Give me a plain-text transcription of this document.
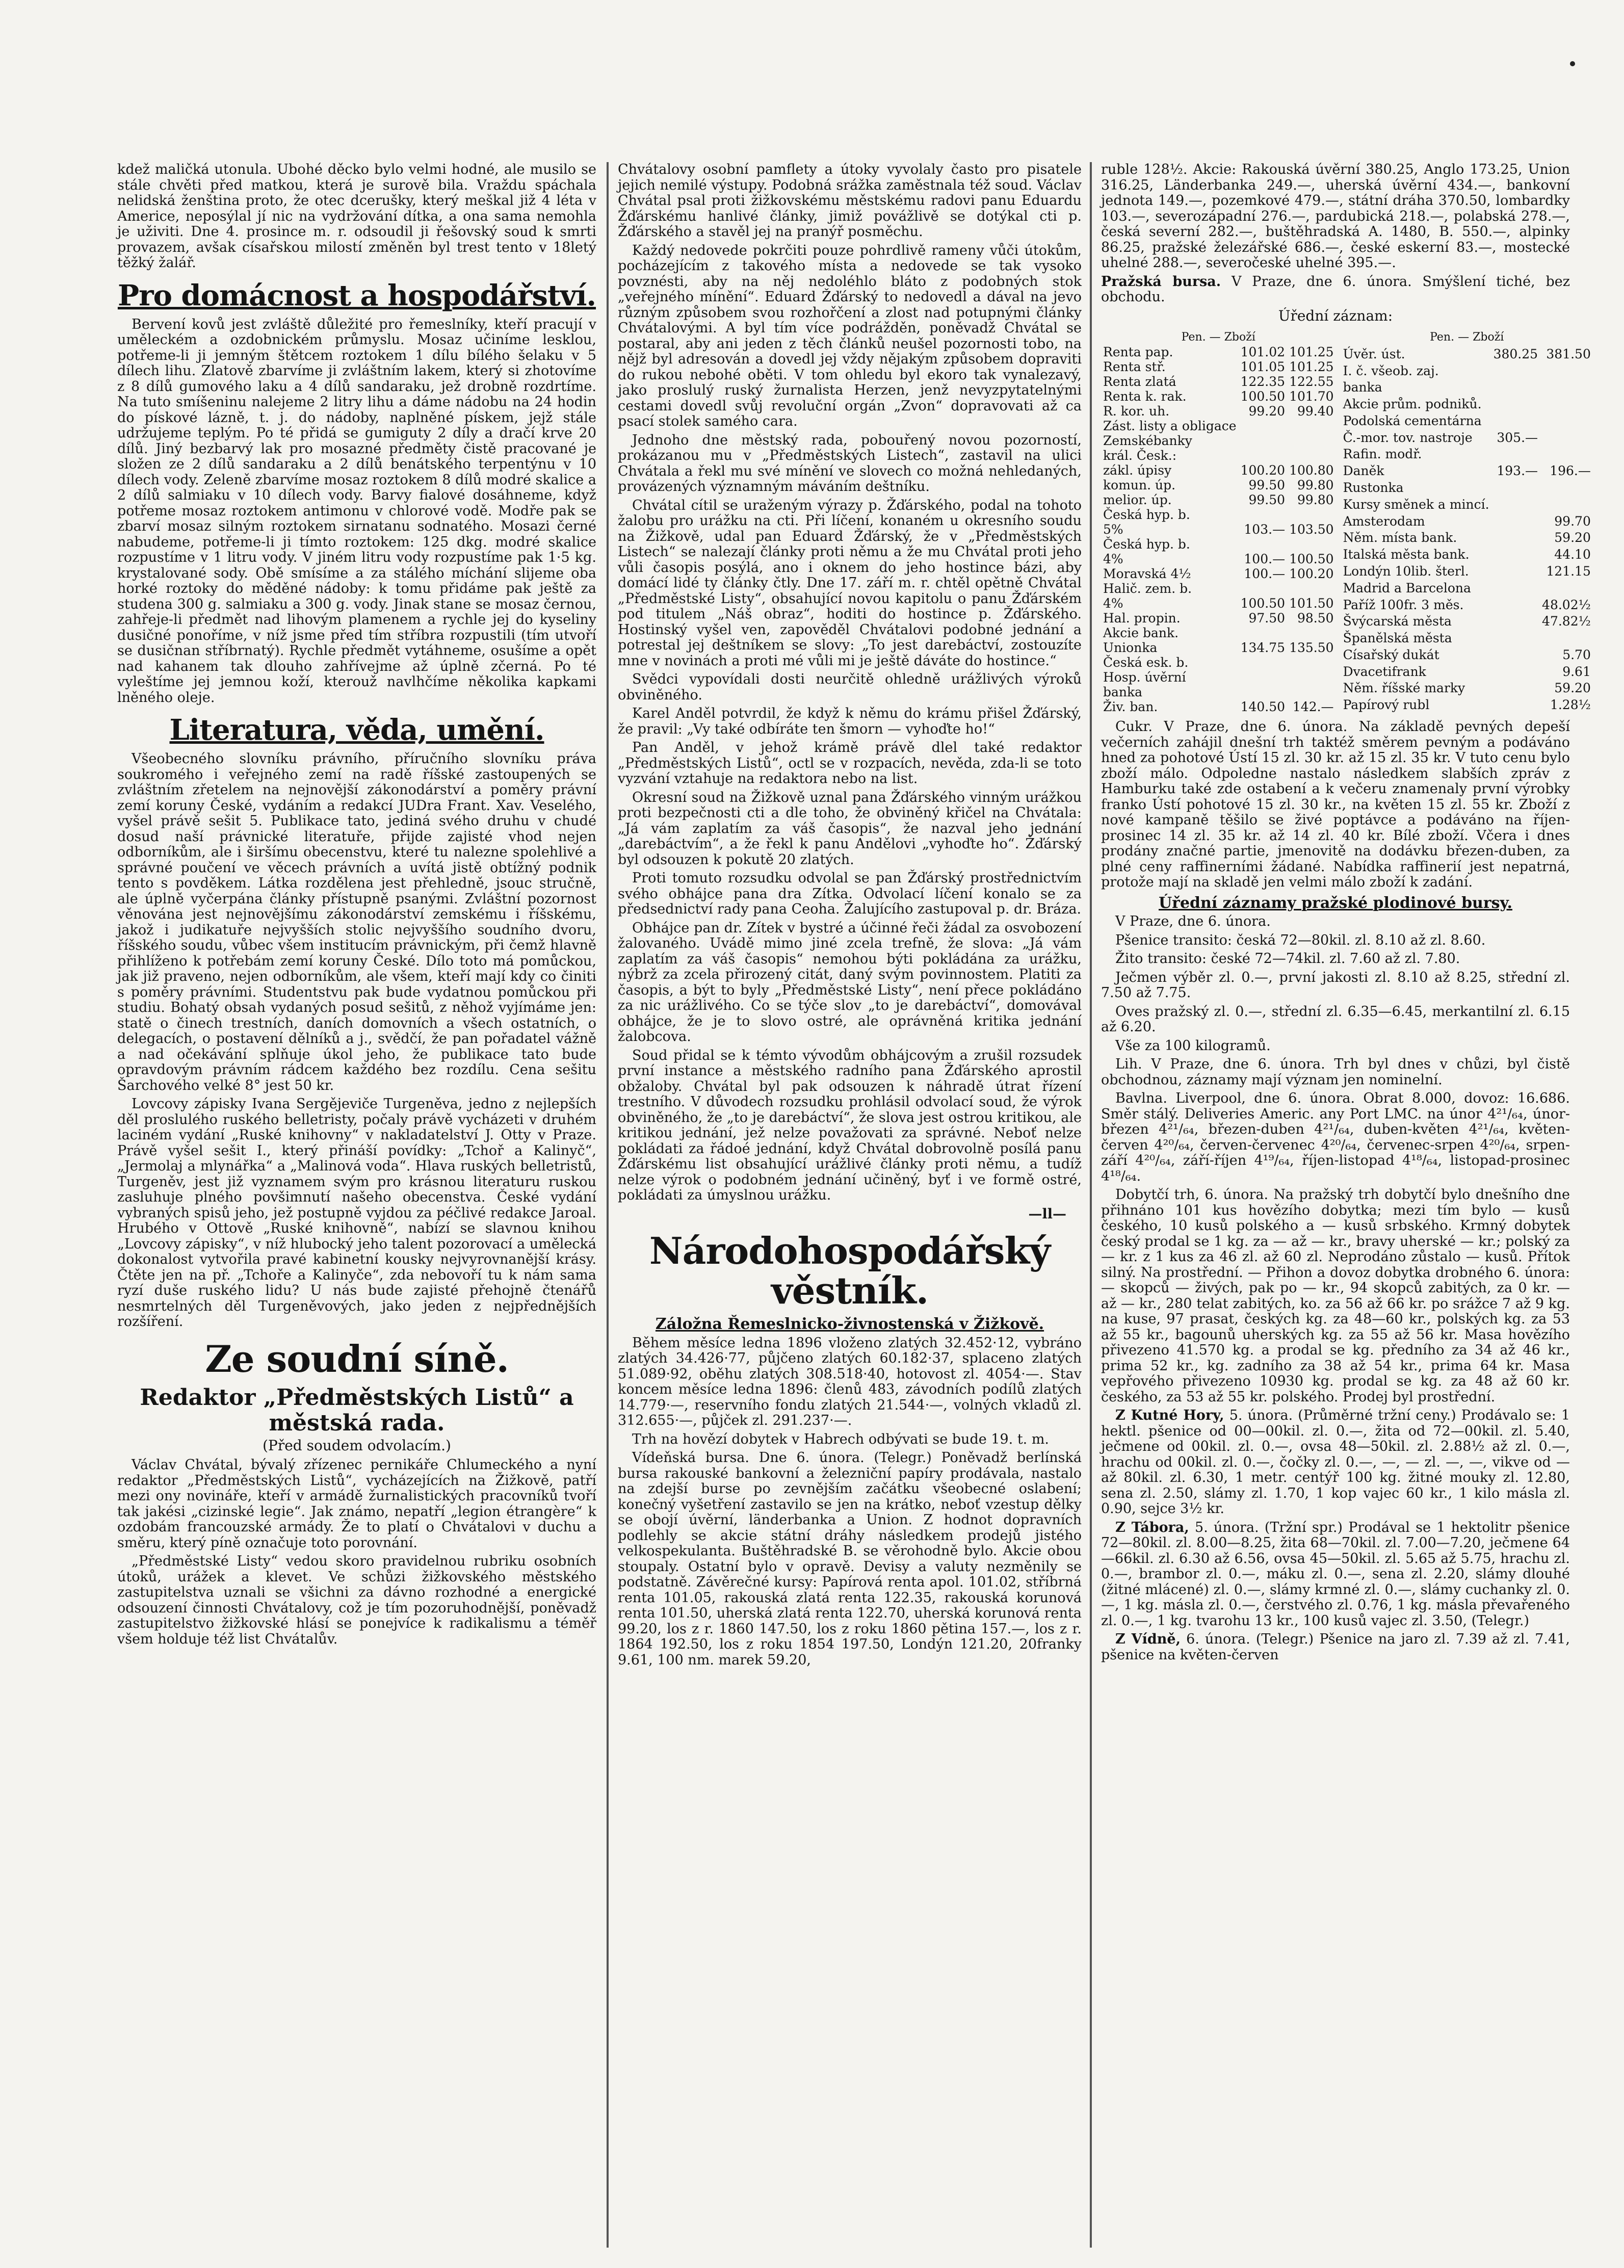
kdež maličká utonula. Ubohé děcko bylo velmi hodné, ale musilo se stále chvěti před matkou, která je surově bila. Vraždu spáchala nelidská ženština proto, že otec dcerušky, který meškal již 4 léta v Americe, neposýlal jí nic na vydržování dítka, a ona sama nemohla je uživiti. Dne 4. prosince m. r. odsoudil ji řešovský soud k smrti provazem, avšak císařskou milostí změněn byl trest tento v 18letý těžký žalář.

Pro domácnost a hospodářství.

Bervení kovů jest zvláště důležité pro řemeslníky, kteří pracují v uměleckém a ozdobnickém průmyslu. Mosaz učiníme lesklou, potřeme-li ji jemným štětcem roztokem 1 dílu bílého šelaku v 5 dílech lihu. Zlatově zbarvíme ji zvláštním lakem, který si zhotovíme z 8 dílů gumového laku a 4 dílů sandaraku, jež drobně rozdrtíme. Na tuto smíšeninu nalejeme 2 litry lihu a dáme nádobu na 24 hodin do pískové lázně, t. j. do nádoby, naplněné pískem, jejž stále udržujeme teplým. Po té přidá se gumiguty 2 díly a dračí krve 20 dílů. Jiný bezbarvý lak pro mosazné předměty čistě pracované je složen ze 2 dílů sandaraku a 2 dílů benátského terpentýnu v 10 dílech vody. Zeleně zbarvíme mosaz roztokem 8 dílů modré skalice a 2 dílů salmiaku v 10 dílech vody. Barvy fialové dosáhneme, když potřeme mosaz roztokem antimonu v chlorové vodě. Modře pak se zbarví mosaz silným roztokem sirnatanu sodnatého. Mosazi černé nabudeme, potřeme-li ji tímto roztokem: 125 dkg. modré skalice rozpustíme v 1 litru vody. V jiném litru vody rozpustíme pak 1·5 kg. krystalované sody. Obě smísíme a za stálého míchání slijeme oba horké roztoky do měděné nádoby: k tomu přidáme pak ještě za studena 300 g. salmiaku a 300 g. vody. Jinak stane se mosaz černou, zahřeje-li předmět nad lihovým plamenem a rychle jej do kyseliny dusičné ponoříme, v níž jsme před tím stříbra rozpustili (tím utvoří se dusičnan stříbrnatý). Rychle předmět vytáhneme, osušíme a opět nad kahanem tak dlouho zahřívejme až úplně zčerná. Po té vyleštíme jej jemnou koží, kterouž navlhčíme několika kapkami lněného oleje.

Literatura, věda, umění.

Všeobecného slovníku právního, příručního slovníku práva soukromého i veřejného zemí na radě říšské zastoupených se zvláštním zřetelem na nejnovější zákonodárství a poměry právní zemí koruny České, vydáním a redakcí JUDra Frant. Xav. Veselého, vyšel právě sešit 5. Publikace tato, jediná svého druhu v chudé dosud naší právnické literatuře, přijde zajisté vhod nejen odborníkům, ale i širšímu obecenstvu, které tu nalezne spolehlivé a správné poučení ve věcech právních a uvítá jistě obtížný podnik tento s povděkem. Látka rozdělena jest přehledně, jsouc stručně, ale úplně vyčerpána články přístupně psanými. Zvláštní pozornost věnována jest nejnovějšímu zákonodárství zemskému i říšskému, jakož i judikatuře nejvyšších stolic nejvyššího soudního dvoru, říšského soudu, vůbec všem institucím právnickým, při čemž hlavně přihlíženo k potřebám zemí koruny České. Dílo toto má pomůckou, jak již praveno, nejen odborníkům, ale všem, kteří mají kdy co činiti s poměry právními. Studentstvu pak bude vydatnou pomůckou při studiu. Bohatý obsah vydaných posud sešitů, z něhož vyjímáme jen: statě o činech trestních, daních domovních a všech ostatních, o delegacích, o postavení dělníků a j., svědčí, že pan pořadatel vážně a nad očekávání splňuje úkol jeho, že publikace tato bude opravdovým právním rádcem každého bez rozdílu. Cena sešitu Šarchového velké 8° jest 50 kr.

Lovcovy zápisky Ivana Sergějeviče Turgeněva, jedno z nejlepších děl proslulého ruského belletristy, počaly právě vycházeti v druhém laciném vydání „Ruské knihovny“ v nakladatelství J. Otty v Praze. Právě vyšel sešit I., který přináší povídky: „Tchoř a Kalinyč“, „Jermolaj a mlynářka“ a „Malinová voda“. Hlava ruských belletristů, Turgeněv, jest již vyznamem svým pro krásnou literaturu ruskou zasluhuje plného povšimnutí našeho obecenstva. České vydání vybraných spisů jeho, jež postupně vyjdou za péčlivé redakce Jaroal. Hrubého v Ottově „Ruské knihovně“, nabízí se slavnou knihou „Lovcovy zápisky“, v níž hlubocký jeho talent pozorovací a umělecká dokonalost vytvořila pravé kabinetní kousky nejvyrovnanější krásy. Čtěte jen na př. „Tchoře a Kalinyče“, zda nebovoří tu k nám sama ryzí duše ruského lidu? U nás bude zajisté přehojně čtenářů nesmrtelných děl Turgeněvových, jako jeden z nejpřednějších rozšíření.

Ze soudní síně.
Redaktor „Předměstských Listů“ a městská rada.

(Před soudem odvolacím.)

Václav Chvátal, bývalý zřízenec pernikáře Chlumeckého a nyní redaktor „Předměstských Listů“, vycházejících na Žižkově, patří mezi ony novináře, kteří v armádě žurnalistických pracovníků tvoří tak jakési „cizinské legie“. Jak známo, nepatří „legion étrangère“ k ozdobám francouzské armády. Že to platí o Chvátalovi v duchu a směru, který píně označuje toto porovnání.

„Předměstské Listy“ vedou skoro pravidelnou rubriku osobních útoků, urážek a klevet. Ve schůzi žižkovského městského zastupitelstva uznali se všichni za dávno rozhodné a energické odsouzení činnosti Chvátalovy, což je tím pozoruhodnější, poněvadž zastupitelstvo žižkovské hlásí se ponejvíce k radikalismu a téměř všem holduje též list Chvátalův.

Chvátalovy osobní pamflety a útoky vyvolaly často pro pisatele jejich nemilé výstupy. Podobná srážka zaměstnala též soud. Václav Chvátal psal proti žižkovskému městskému radovi panu Eduardu Žďárskému hanlivé články, jimiž povážlivě se dotýkal cti p. Žďárského a stavěl jej na pranýř posměchu.

Každý nedovede pokrčiti pouze pohrdlivě rameny vůči útokům, pocházejícím z takového místa a nedovede se tak vysoko povznésti, aby na něj nedoléhlo bláto z podobných stok „veřejného mínění“. Eduard Žďárský to nedovedl a dával na jevo různým způsobem svou rozhořčení a zlost nad potupnými články Chvátalovými. A byl tím více podrážděn, poněvadž Chvátal se postaral, aby ani jeden z těch článků neušel pozornosti tobo, na nějž byl adresován a dovedl jej vždy nějakým způsobem dopraviti do rukou nebohé oběti. V tom ohledu byl ekoro tak vynalezavý, jako proslulý ruský žurnalista Herzen, jenž nevyzpytatelnými cestami dovedl svůj revoluční orgán „Zvon“ dopravovati až ca psací stolek samého cara.

Jednoho dne městský rada, pobouřený novou pozorností, prokázanou mu v „Předměstských Listech“, zastavil na ulici Chvátala a řekl mu své mínění ve slovech co možná nehledaných, provázených významným máváním deštníku.

Chvátal cítil se uraženým výrazy p. Žďárského, podal na tohoto žalobu pro urážku na cti. Při líčení, konaném u okresního soudu na Žižkově, udal pan Eduard Žďárský, že v „Předměstských Listech“ se nalezají články proti němu a že mu Chvátal proti jeho vůli časopis posýlá, ano i oknem do jeho hostince bázi, aby domácí lidé ty články čtly. Dne 17. září m. r. chtěl opětně Chvátal „Předměstské Listy“, obsahující novou kapitolu o panu Žďárském pod titulem „Náš obraz“, hoditi do hostince p. Žďárského. Hostinský vyšel ven, zapověděl Chvátalovi podobné jednání a potrestal jej deštníkem se slovy: „To jest darebáctví, zostouzíte mne v novinách a proti mé vůli mi je ještě dáváte do hostince.“

Svědci vypovídali dosti neurčitě ohledně urážlivých výroků obviněného.

Karel Anděl potvrdil, že když k němu do krámu přišel Žďárský, že pravil: „Vy také odbíráte ten šmorn — vyhoďte ho!“

Pan Anděl, v jehož krámě právě dlel také redaktor „Předměstských Listů“, octl se v rozpacích, nevěda, zda-li se toto vyzvání vztahuje na redaktora nebo na list.

Okresní soud na Žižkově uznal pana Žďárského vinným urážkou proti bezpečnosti cti a dle toho, že obviněný křičel na Chvátala: „Já vám zaplatím za váš časopis“, že nazval jeho jednání „darebáctvím“, a že řekl k panu Andělovi „vyhoďte ho“. Žďárský byl odsouzen k pokutě 20 zlatých.

Proti tomuto rozsudku odvolal se pan Žďárský prostřednictvím svého obhájce pana dra Zítka. Odvolací líčení konalo se za předsednictví rady pana Ceoha. Žalujícího zastupoval p. dr. Bráza.

Obhájce pan dr. Zítek v bystré a účinné řeči žádal za osvobození žalovaného. Uvádě mimo jiné zcela trefně, že slova: „Já vám zaplatím za váš časopis“ nemohou býti pokládána za urážku, nýbrž za zcela přirozený citát, daný svým povinnostem. Platiti za časopis, a být to byly „Předměstské Listy“, není přece pokládáno za nic urážlivého. Co se týče slov „to je darebáctví“, domovával obhájce, že je to slovo ostré, ale oprávněná kritika jednání žalobcova.

Soud přidal se k témto vývodům obhájcovým a zrušil rozsudek první instance a městského radního pana Žďárského aprostil obžaloby. Chvátal byl pak odsouzen k náhradě útrat řízení trestního. V důvodech rozsudku prohlásil odvolací soud, že výrok obviněného, že „to je darebáctví“, že slova jest ostrou kritikou, ale kritikou jednání, jež nelze považovati za správné. Neboť nelze pokládati za řádoé jednání, když Chvátal dobrovolně posílá panu Žďárskému list obsahující urážlivé články proti němu, a tudíž nelze výrok o podobném jednání učiněný, byť i ve formě ostré, pokládati za úmyslnou urážku.

—ll—

Národohospodářský věstník.

Záložna Řemeslnicko-živnostenská v Žižkově.

Během měsíce ledna 1896 vloženo zlatých 32.452·12, vybráno zlatých 34.426·77, půjčeno zlatých 60.182·37, splaceno zlatých 51.089·92, oběhu zlatých 308.518·40, hotovost zl. 4054·—. Stav koncem měsíce ledna 1896: členů 483, závodních podílů zlatých 14.779·—, reservního fondu zlatých 21.544·—, volných vkladů zl. 312.655·—, půjček zl. 291.237·—.

Trh na hovězí dobytek v Habrech odbývati se bude 19. t. m.

Vídeňská bursa. Dne 6. února. (Telegr.) Poněvadž berlínská bursa rakouské bankovní a železniční papíry prodávala, nastalo na zdejší burse po zevnějším začátku všeobecné oslabení; konečný vyšetření zastavilo se jen na krátko, neboť vzestup dělky se obojí úvěrní, länderbanka a Union. Z hodnot dopravních podlehly se akcie státní dráhy následkem prodejů jistého velkospekulanta. Buštěhradské B. se věrohodně bylo. Akcie obou stoupaly. Ostatní bylo v opravě. Devisy a valuty nezměnily se podstatně. Závěrečné kursy: Papírová renta apol. 101.02, stříbrná renta 101.05, rakouská zlatá renta 122.35, rakouská korunová renta 101.50, uherská zlatá renta 122.70, uherská korunová renta 99.20, los z r. 1860 147.50, los z roku 1860 pětina 157.—, los z r. 1864 192.50, los z roku 1854 197.50, Londýn 121.20, 20franky 9.61, 100 nm. marek 59.20,

ruble 128½. Akcie: Rakouská úvěrní 380.25, Anglo 173.25, Union 316.25, Länderbanka 249.—, uherská úvěrní 434.—, bankovní jednota 149.—, pozemkové 479.—, státní dráha 370.50, lombardky 103.—, severozápadní 276.—, pardubická 218.—, polabská 278.—, česká severní 282.—, buštěhradská A. 1480, B. 550.—, alpinky 86.25, pražské železářské 686.—, české eskerní 83.—, mostecké uhelné 288.—, severočeské uhelné 395.—.

Pražská bursa. V Praze, dne 6. února. Smýšlení tiché, bez obchodu.

Úřední záznam:

Pen. — Zboží		
Renta pap.	101.02	101.25
Renta stř.	101.05	101.25
Renta zlatá	122.35	122.55
Renta k. rak.	100.50	101.70
R. kor. uh.	99.20	99.40
Zást. listy a obligace		
Zemskébanky		
král. Česk.:		
zákl. úpisy	100.20	100.80
komun. úp.	99.50	99.80
melior. úp.	99.50	99.80
Česká hyp. b.		
5%	103.—	103.50
Česká hyp. b.		
4%	100.—	100.50
Moravská 4½	100.—	100.20
Halič. zem. b.		
4%	100.50	101.50
Hal. propin.	97.50	98.50
Akcie bank.		
Unionka	134.75	135.50
Česká esk. b.		
Hosp. úvěrní		
banka		
Živ. ban.	140.50	142.—
Pen. — Zboží		
Úvěr. úst.	380.25	381.50
I. č. všeob. zaj.		
banka		
Akcie prům. podniků.		
Podolská cementárna		
Č.-mor. tov. nastroje	305.—	
Rafin. modř.		
Daněk	193.—	196.—
Rustonka		
Kursy směnek a mincí.		
Amsterodam		99.70
Něm. místa bank.		59.20
Italská města bank.		44.10
Londýn 10lib. šterl.		121.15
Madrid a Barcelona		
Paříž 100fr. 3 měs.		48.02½
Švýcarská města		47.82½
Španělská města		
Císařský dukát		5.70
Dvacetifrank		9.61
Něm. říšské marky		59.20
Papírový rubl		1.28½

Cukr. V Praze, dne 6. února. Na základě pevných depeší večerních zahájil dnešní trh taktéž směrem pevným a podáváno hned za pohotové Ústí 15 zl. 30 kr. až 15 zl. 35 kr. V tuto cenu bylo zboží málo. Odpoledne nastalo následkem slabších zpráv z Hamburku také zde ostabení a k večeru znamenaly první výrobky franko Ústí pohotové 15 zl. 30 kr., na květen 15 zl. 55 kr. Zboží z nové kampaně těšilo se živé poptávce a podáváno na říjen-prosinec 14 zl. 35 kr. až 14 zl. 40 kr. Bílé zboží. Včera i dnes prodány značné partie, jmenovitě na dodávku březen-duben, za plné ceny raffinerními žádané. Nabídka raffinerií jest nepatrná, protože mají na skladě jen velmi málo zboží k zadání.

Úřední záznamy pražské plodinové bursy.

V Praze, dne 6. února.

Pšenice transito: česká 72—80kil. zl. 8.10 až zl. 8.60.

Žito transito: české 72—74kil. zl. 7.60 až zl. 7.80.

Ječmen výběr zl. 0.—, první jakosti zl. 8.10 až 8.25, střední zl. 7.50 až 7.75.

Oves pražský zl. 0.—, střední zl. 6.35—6.45, merkantilní zl. 6.15 až 6.20.

Vše za 100 kilogramů.

Lih. V Praze, dne 6. února. Trh byl dnes v chůzi, byl čistě obchodnou, záznamy mají význam jen nominelní.

Bavlna. Liverpool, dne 6. února. Obrat 8.000, dovoz: 16.686. Směr stálý. Deliveries Americ. any Port LMC. na únor 4²¹/₆₄, únor-březen 4²¹/₆₄, březen-duben 4²¹/₆₄, duben-květen 4²¹/₆₄, květen-červen 4²⁰/₆₄, červen-červenec 4²⁰/₆₄, červenec-srpen 4²⁰/₆₄, srpen-září 4²⁰/₆₄, září-říjen 4¹⁹/₆₄, říjen-listopad 4¹⁸/₆₄, listopad-prosinec 4¹⁸/₆₄.

Dobytčí trh, 6. února. Na pražský trh dobytčí bylo dnešního dne přihnáno 101 kus hovězího dobytka; mezi tím bylo — kusů českého, 10 kusů polského a — kusů srbského. Krmný dobytek český prodal se 1 kg. za — až — kr., bravy uherské — kr.; polský za — kr. z 1 kus za 46 zl. až 60 zl. Neprodáno zůstalo — kusů. Přítok silný. Na prostřední. — Přihon a dovoz dobytka drobného 6. února: — skopců — živých, pak po — kr., 94 skopců zabitých, za 0 kr. — až — kr., 280 telat zabitých, ko. za 56 až 66 kr. po srážce 7 až 9 kg. na kuse, 97 prasat, českých kg. za 48—60 kr., polských kg. za 53 až 55 kr., bagounů uherských kg. za 55 až 56 kr. Masa hovězího přivezeno 41.570 kg. a prodal se kg. předního za 34 až 46 kr., prima 52 kr., kg. zadního za 38 až 54 kr., prima 64 kr. Masa vepřového přivezeno 10930 kg. prodal se kg. za 48 až 60 kr. českého, za 53 až 55 kr. polského. Prodej byl prostřední.

Z Kutné Hory, 5. února. (Průměrné tržní ceny.) Prodávalo se: 1 hektl. pšenice od 00—00kil. zl. 0.—, žita od 72—00kil. zl. 5.40, ječmene od 00kil. zl. 0.—, ovsa 48—50kil. zl. 2.88½ až zl. 0.—, hrachu od 00kil. zl. 0.—, čočky zl. 0.—, —, — zl. —, —, vikve od — až 80kil. zl. 6.30, 1 metr. centýř 100 kg. žitné mouky zl. 12.80, sena zl. 2.50, slámy zl. 1.70, 1 kop vajec 60 kr., 1 kilo másla zl. 0.90, sejce 3½ kr.

Z Tábora, 5. února. (Tržní spr.) Prodával se 1 hektolitr pšenice 72—80kil. zl. 8.00—8.25, žita 68—70kil. zl. 7.00—7.20, ječmene 64—66kil. zl. 6.30 až 6.56, ovsa 45—50kil. zl. 5.65 až 5.75, hrachu zl. 0.—, brambor zl. 0.—, máku zl. 0.—, sena zl. 2.20, slámy dlouhé (žitné mlácené) zl. 0.—, slámy krmné zl. 0.—, slámy cuchanky zl. 0.—, 1 kg. másla zl. 0.—, čerstvého zl. 0.76, 1 kg. másla převařeného zl. 0.—, 1 kg. tvarohu 13 kr., 100 kusů vajec zl. 3.50, (Telegr.)

Z Vídně, 6. února. (Telegr.) Pšenice na jaro zl. 7.39 až zl. 7.41, pšenice na květen-červen
